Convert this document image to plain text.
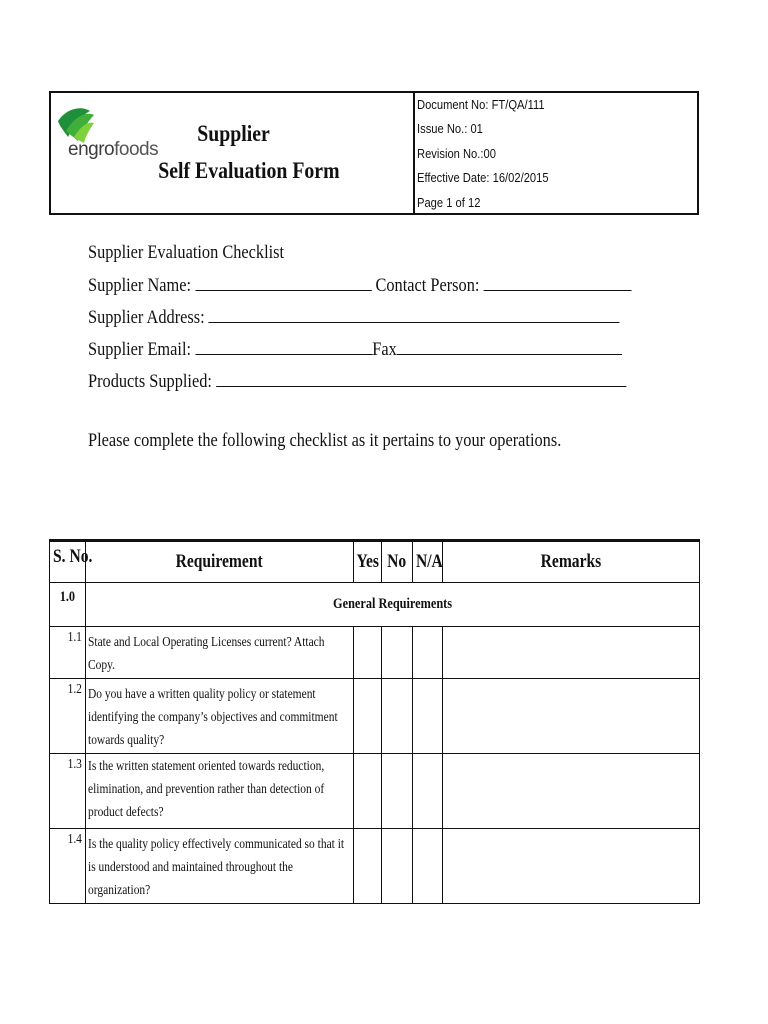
engrofoods
Supplier
Self Evaluation Form
Document No: FT/QA/111
Issue No.: 01
Revision No.:00
Effective Date: 16/02/2015
Page 1 of 12
Supplier Evaluation Checklist
Supplier Name:	Contact Person:
Supplier Address:
Supplier Email:	Fax
Products Supplied:
Please complete the following checklist as it pertains to your operations.
S. No.	Requirement	Yes	No	N/A	Remarks
1.0	General Requirements				
1.1	State and Local Operating Licenses current? Attach Copy.				
1.2	Do you have a written quality policy or statement identifying the company’s objectives and commitment towards quality?				
1.3	Is the written statement oriented towards reduction, elimination, and prevention rather than detection of product defects?				
1.4	Is the quality policy effectively communicated so that it is understood and maintained throughout the organization?				
